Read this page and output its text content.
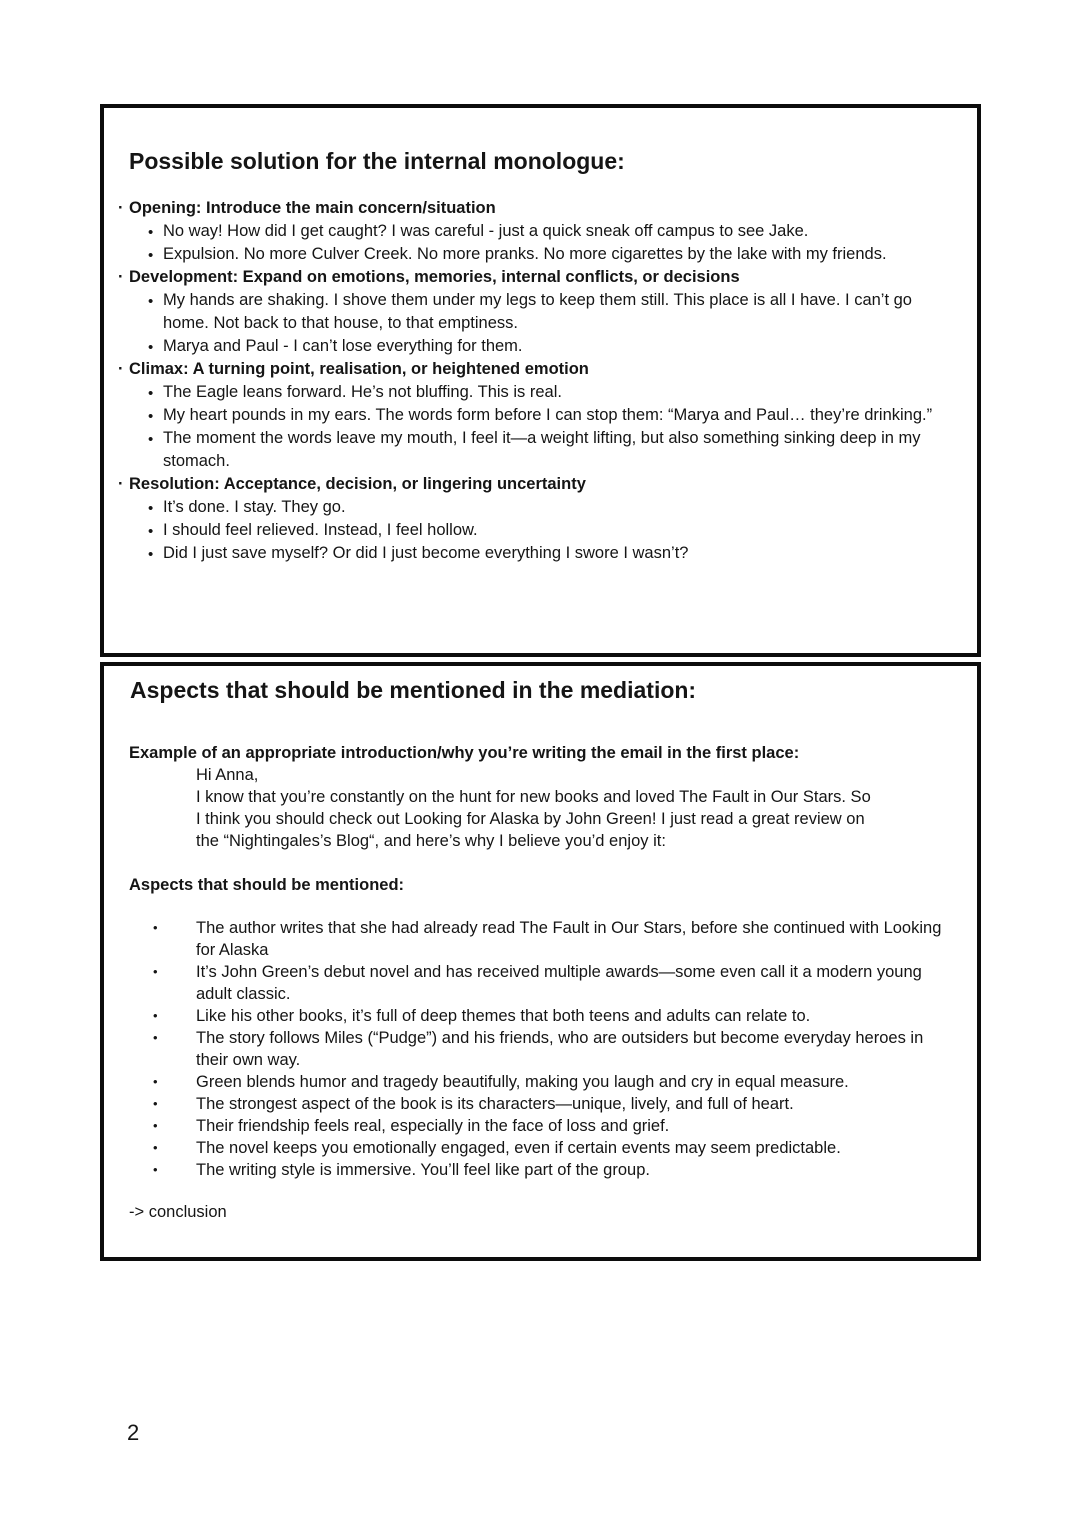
Possible solution for the internal monologue:
·
Opening: Introduce the main concern/situation
•
No way! How did I get caught? I was careful - just a quick sneak off campus to see Jake.
•
Expulsion. No more Culver Creek. No more pranks. No more cigarettes by the lake with my friends.
·
Development: Expand on emotions, memories, internal conflicts, or decisions
•
My hands are shaking. I shove them under my legs to keep them still. This place is all I have. I can’t go home. Not back to that house, to that emptiness.
•
Marya and Paul - I can’t lose everything for them.
·
Climax: A turning point, realisation, or heightened emotion
•
The Eagle leans forward. He’s not bluffing. This is real.
•
My heart pounds in my ears. The words form before I can stop them: “Marya and Paul… they’re drinking.”
•
The moment the words leave my mouth, I feel it—a weight lifting, but also something sinking deep in my stomach.
·
Resolution: Acceptance, decision, or lingering uncertainty
•
It’s done. I stay. They go.
•
I should feel relieved. Instead, I feel hollow.
•
Did I just save myself? Or did I just become everything I swore I wasn’t?
Aspects that should be mentioned in the mediation:
Example of an appropriate introduction/why you’re writing the email in the first place:
Hi Anna,
I know that you’re constantly on the hunt for new books and loved The Fault in Our Stars. So
I think you should check out Looking for Alaska by John Green! I just read a great review on
the “Nightingales’s Blog“, and here’s why I believe you’d enjoy it:
Aspects that should be mentioned:
•
The author writes that she had already read The Fault in Our Stars, before she continued with Looking for Alaska
•
It’s John Green’s debut novel and has received multiple awards—some even call it a modern young adult classic.
•
Like his other books, it’s full of deep themes that both teens and adults can relate to.
•
The story follows Miles (“Pudge”) and his friends, who are outsiders but become everyday heroes in their own way.
•
Green blends humor and tragedy beautifully, making you laugh and cry in equal measure.
•
The strongest aspect of the book is its characters—unique, lively, and full of heart.
•
Their friendship feels real, especially in the face of loss and grief.
•
The novel keeps you emotionally engaged, even if certain events may seem predictable.
•
The writing style is immersive. You’ll feel like part of the group.
-> conclusion
2
